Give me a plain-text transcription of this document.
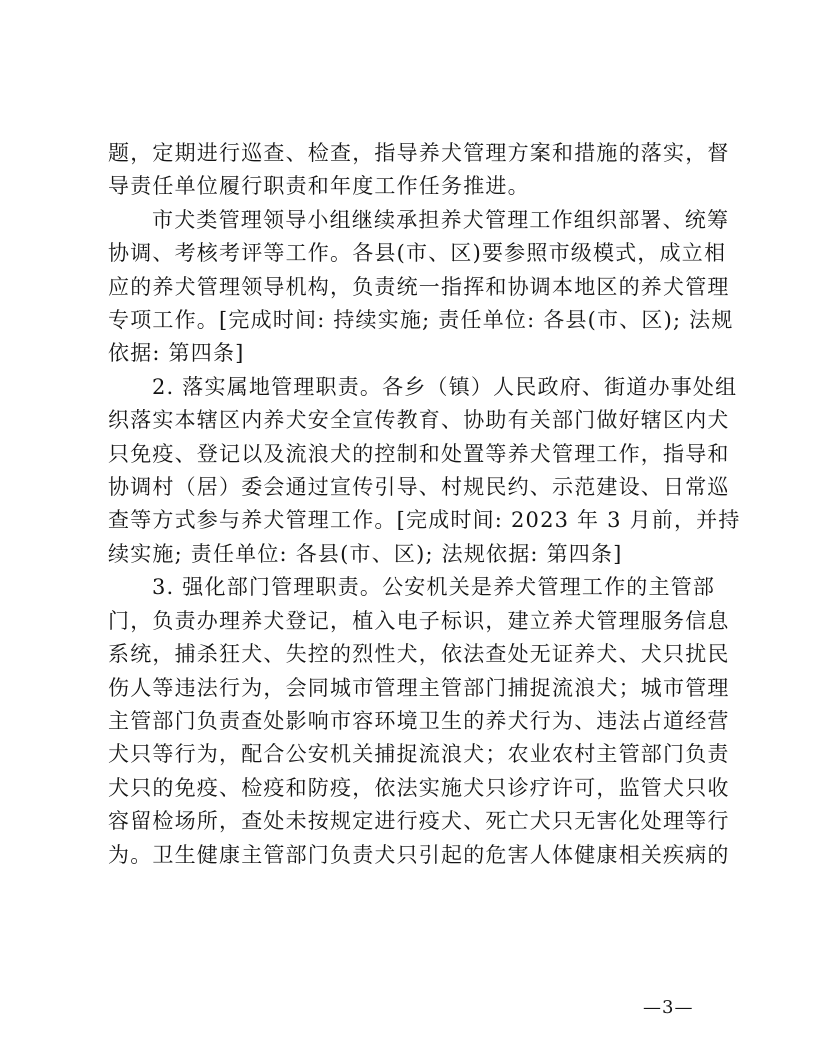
题，定期进行巡查、检查，指导养犬管理方案和措施的落实，督
导责任单位履行职责和年度工作任务推进。
市犬类管理领导小组继续承担养犬管理工作组织部署、统筹
协调、考核考评等工作。各县(市、区)要参照市级模式，成立相
应的养犬管理领导机构，负责统一指挥和协调本地区的养犬管理
专项工作。[完成时间: 持续实施; 责任单位: 各县(市、区); 法规
依据: 第四条]
2. 落实属地管理职责。各乡（镇）人民政府、街道办事处组
织落实本辖区内养犬安全宣传教育、协助有关部门做好辖区内犬
只免疫、登记以及流浪犬的控制和处置等养犬管理工作，指导和
协调村（居）委会通过宣传引导、村规民约、示范建设、日常巡
查等方式参与养犬管理工作。[完成时间: 2023 年 3 月前，并持
续实施; 责任单位: 各县(市、区); 法规依据: 第四条]
3. 强化部门管理职责。公安机关是养犬管理工作的主管部
门，负责办理养犬登记，植入电子标识，建立养犬管理服务信息
系统，捕杀狂犬、失控的烈性犬，依法查处无证养犬、犬只扰民
伤人等违法行为，会同城市管理主管部门捕捉流浪犬；城市管理
主管部门负责查处影响市容环境卫生的养犬行为、违法占道经营
犬只等行为，配合公安机关捕捉流浪犬；农业农村主管部门负责
犬只的免疫、检疫和防疫，依法实施犬只诊疗许可，监管犬只收
容留检场所，查处未按规定进行疫犬、死亡犬只无害化处理等行
为。卫生健康主管部门负责犬只引起的危害人体健康相关疾病的
—3—
